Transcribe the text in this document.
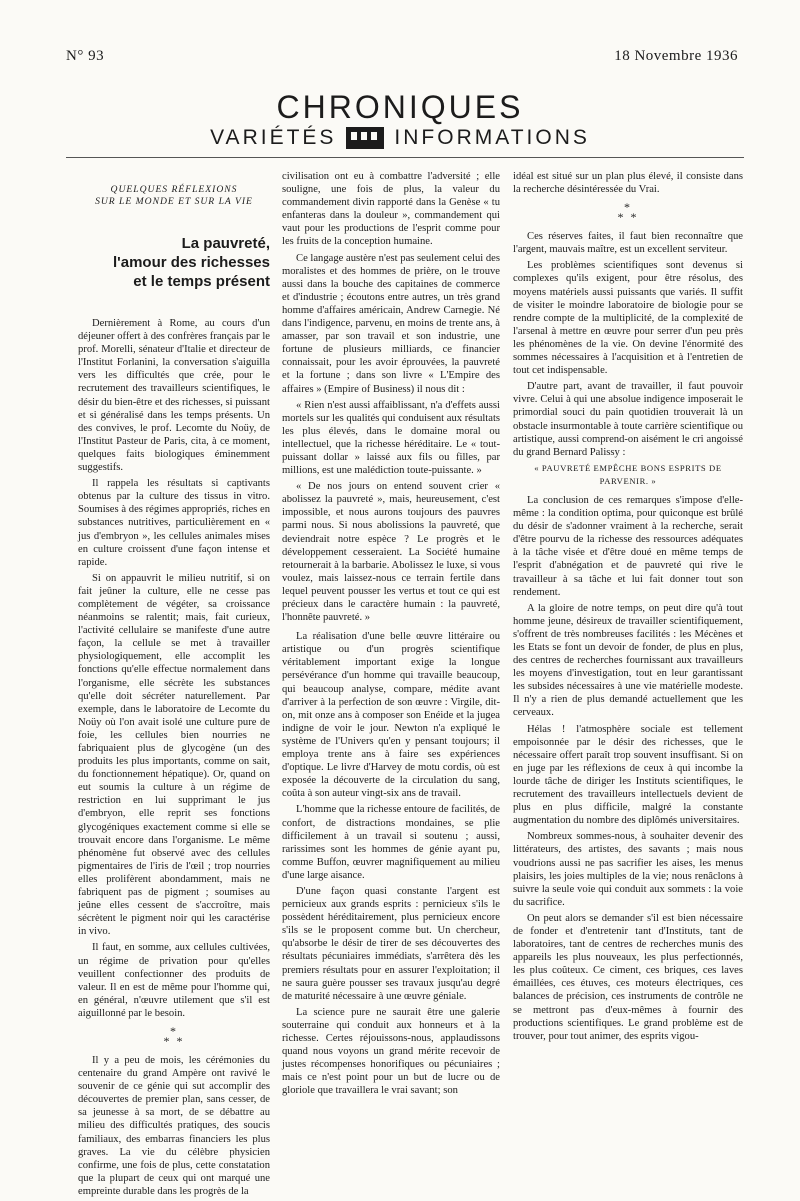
N° 93	18 Novembre 1936
CHRONIQUES
VARIÉTÉS	INFORMATIONS
QUELQUES RÉFLEXIONS
SUR LE MONDE ET SUR LA VIE
La pauvreté,
l'amour des richesses
et le temps présent

Dernièrement à Rome, au cours d'un déjeuner offert à des confrères français par le prof. Morelli, sénateur d'Italie et directeur de l'Institut Forlanini, la conversation s'aiguilla vers les difficultés que crée, pour le recrutement des travailleurs scientifiques, le désir du bien-être et des richesses, si puissant et si généralisé dans les temps présents. Un des convives, le prof. Lecomte du Noüy, de l'Institut Pasteur de Paris, cita, à ce moment, quelques faits biologiques éminemment suggestifs.

Il rappela les résultats si captivants obtenus par la culture des tissus in vitro. Soumises à des régimes appropriés, riches en substances nutritives, particulièrement en « jus d'embryon », les cellules animales mises en culture croissent d'une façon intense et rapide.

Si on appauvrit le milieu nutritif, si on fait jeûner la culture, elle ne cesse pas complètement de végéter, sa croissance néanmoins se ralentit; mais, fait curieux, l'activité cellulaire se manifeste d'une autre façon, la cellule se met à travailler physiologiquement, elle accomplit les fonctions qu'elle effectue normalement dans l'organisme, elle sécrète les substances qu'elle doit sécréter naturellement. Par exemple, dans le laboratoire de Lecomte du Noüy où l'on avait isolé une culture pure de foie, les cellules bien nourries ne fabriquaient plus de glycogène (un des produits les plus importants, comme on sait, du fonctionnement hépatique). Or, quand on eut soumis la culture à un régime de restriction en lui supprimant le jus d'embryon, elle reprit ses fonctions glycogéniques exactement comme si elle se trouvait encore dans l'organisme. Le même phénomène fut observé avec des cellules pigmentaires de l'iris de l'œil ; trop nourries elles prolifèrent abondamment, mais ne fabriquent pas de pigment ; soumises au jeûne elles cessent de s'accroître, mais sécrètent le pigment noir qui les caractérise in vivo.

Il faut, en somme, aux cellules cultivées, un régime de privation pour qu'elles veuillent confectionner des produits de valeur. Il en est de même pour l'homme qui, en général, n'œuvre utilement que s'il est aiguillonné par le besoin.

*
* *

Il y a peu de mois, les cérémonies du centenaire du grand Ampère ont ravivé le souvenir de ce génie qui sut accomplir des découvertes de premier plan, sans cesser, de sa jeunesse à sa mort, de se débattre au milieu des difficultés pratiques, des soucis familiaux, des embarras financiers les plus graves. La vie du célèbre physicien confirme, une fois de plus, cette constatation que la plupart de ceux qui ont marqué une empreinte durable dans les progrès de la

civilisation ont eu à combattre l'adversité ; elle souligne, une fois de plus, la valeur du commandement divin rapporté dans la Genèse « tu enfanteras dans la douleur », commandement qui vaut pour les productions de l'esprit comme pour les fruits de la conception humaine.

Ce langage austère n'est pas seulement celui des moralistes et des hommes de prière, on le trouve aussi dans la bouche des capitaines de commerce et d'industrie ; écoutons entre autres, un très grand homme d'affaires américain, Andrew Carnegie. Né dans l'indigence, parvenu, en moins de trente ans, à amasser, par son travail et son industrie, une fortune de plusieurs milliards, ce financier connaissait, pour les avoir éprouvées, la pauvreté et la fortune ; dans son livre « L'Empire des affaires » (Empire of Business) il nous dit :

« Rien n'est aussi affaiblissant, n'a d'effets aussi mortels sur les qualités qui conduisent aux résultats les plus élevés, dans le domaine moral ou intellectuel, que la richesse héréditaire. Le « tout-puissant dollar » laissé aux fils ou filles, par millions, est une malédiction toute-puissante. »

« De nos jours on entend souvent crier « abolissez la pauvreté », mais, heureusement, c'est impossible, et nous aurons toujours des pauvres parmi nous. Si nous abolissions la pauvreté, que deviendrait notre espèce ? Le progrès et le développement cesseraient. La Société humaine retournerait à la barbarie. Abolissez le luxe, si vous voulez, mais laissez-nous ce terrain fertile dans lequel peuvent pousser les vertus et tout ce qui est précieux dans le caractère humain : la pauvreté, l'honnête pauvreté. »

La réalisation d'une belle œuvre littéraire ou artistique ou d'un progrès scientifique véritablement important exige la longue persévérance d'un homme qui travaille beaucoup, qui beaucoup analyse, compare, médite avant d'arriver à la perfection de son œuvre : Virgile, dit-on, mit onze ans à composer son Enéide et la jugea indigne de voir le jour. Newton n'a expliqué le système de l'Univers qu'en y pensant toujours; il employa trente ans à faire ses expériences d'optique. Le livre d'Harvey de motu cordis, où est exposée la découverte de la circulation du sang, coûta à son auteur vingt-six ans de travail.

L'homme que la richesse entoure de facilités, de confort, de distractions mondaines, se plie difficilement à un travail si soutenu ; aussi, rarissimes sont les hommes de génie ayant pu, comme Buffon, œuvrer magnifiquement au milieu d'une large aisance.

D'une façon quasi constante l'argent est pernicieux aux grands esprits : pernicieux s'ils le possèdent héréditairement, plus pernicieux encore s'ils se le proposent comme but. Un chercheur, qu'absorbe le désir de tirer de ses découvertes des résultats pécuniaires immédiats, s'arrêtera dès les premiers résultats pour en assurer l'exploitation; il ne saura guère pousser ses travaux jusqu'au degré de maturité nécessaire à une œuvre géniale.

La science pure ne saurait être une galerie souterraine qui conduit aux honneurs et à la richesse. Certes réjouissons-nous, applaudissons quand nous voyons un grand mérite recevoir de justes récompenses honorifiques ou pécuniaires ; mais ce n'est point pour un but de lucre ou de gloriole que travaillera le vrai savant; son

idéal est situé sur un plan plus élevé, il consiste dans la recherche désintéressée du Vrai.

*
* *

Ces réserves faites, il faut bien reconnaître que l'argent, mauvais maître, est un excellent serviteur.

Les problèmes scientifiques sont devenus si complexes qu'ils exigent, pour être résolus, des moyens matériels aussi puissants que variés. Il suffit de visiter le moindre laboratoire de biologie pour se rendre compte de la multiplicité, de la complexité de l'arsenal à mettre en œuvre pour serrer d'un peu près les phénomènes de la vie. On devine l'énormité des sommes nécessaires à l'acquisition et à l'entretien de tout cet indispensable.

D'autre part, avant de travailler, il faut pouvoir vivre. Celui à qui une absolue indigence imposerait le primordial souci du pain quotidien trouverait là un obstacle insurmontable à toute carrière scientifique ou artistique, aussi comprend-on aisément le cri angoissé du grand Bernard Palissy :

« PAUVRETÉ EMPÊCHE BONS ESPRITS DE PARVENIR. »

La conclusion de ces remarques s'impose d'elle-même : la condition optima, pour quiconque est brûlé du désir de s'adonner vraiment à la recherche, serait d'être pourvu de la richesse des ressources adéquates à la tâche visée et d'être doué en même temps de l'esprit d'abnégation et de pauvreté qui rive le travailleur à sa tâche et lui fait donner tout son rendement.

A la gloire de notre temps, on peut dire qu'à tout homme jeune, désireux de travailler scientifiquement, s'offrent de très nombreuses facilités : les Mécènes et les Etats se font un devoir de fonder, de plus en plus, des centres de recherches fournissant aux travailleurs les moyens d'investigation, tout en leur garantissant les subsides nécessaires à une vie matérielle modeste. Il n'y a rien de plus demandé actuellement que les cerveaux.

Hélas ! l'atmosphère sociale est tellement empoisonnée par le désir des richesses, que le nécessaire offert paraît trop souvent insuffisant. Si on en juge par les réflexions de ceux à qui incombe la lourde tâche de diriger les Instituts scientifiques, le recrutement des travailleurs intellectuels devient de plus en plus difficile, malgré la constante augmentation du nombre des diplômés universitaires.

Nombreux sommes-nous, à souhaiter devenir des littérateurs, des artistes, des savants ; mais nous voudrions aussi ne pas sacrifier les aises, les menus plaisirs, les joies multiples de la vie; nous renâclons à suivre la seule voie qui conduit aux sommets : la voie du sacrifice.

On peut alors se demander s'il est bien nécessaire de fonder et d'entretenir tant d'Instituts, tant de laboratoires, tant de centres de recherches munis des appareils les plus nouveaux, les plus perfectionnés, les plus coûteux. Ce ciment, ces briques, ces laves émaillées, ces étuves, ces moteurs électriques, ces balances de précision, ces instruments de contrôle ne se mettront pas d'eux-mêmes à fournir des productions scientifiques. Le grand problème est de trouver, pour tout animer, des esprits vigou-
